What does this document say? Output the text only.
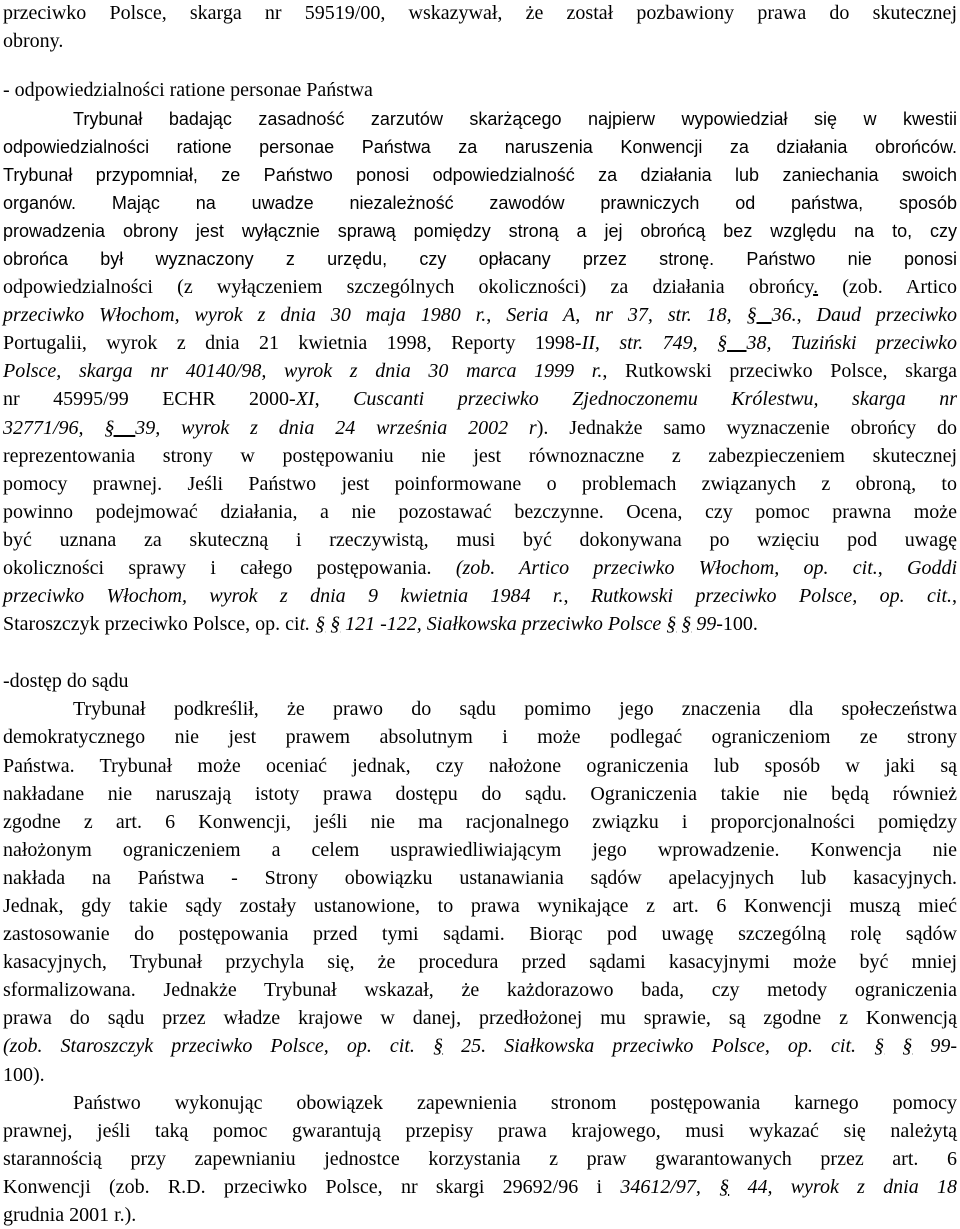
przeciwko Polsce, skarga nr 59519/00, wskazywał, że został pozbawiony prawa do skutecznej
obrony.
- odpowiedzialności ratione personae Państwa
Trybunał badając zasadność zarzutów skarżącego najpierw wypowiedział się w kwestii
odpowiedzialności ratione personae Państwa za naruszenia Konwencji za działania obrońców.
Trybunał przypomniał, ze Państwo ponosi odpowiedzialność za działania lub zaniechania swoich
organów. Mając na uwadze niezależność zawodów prawniczych od państwa, sposób
prowadzenia obrony jest wyłącznie sprawą pomiędzy stroną a jej obrońcą bez względu na to, czy
obrońca był wyznaczony z urzędu, czy opłacany przez stronę. Państwo nie ponosi
odpowiedzialności (z wyłączeniem szczególnych okoliczności) za działania obrońcy. (zob. Artico
przeciwko Włochom, wyrok z dnia 30 maja 1980 r., Seria A, nr 37, str. 18, § 36., Daud przeciwko
Portugalii, wyrok z dnia 21 kwietnia 1998, Reporty 1998-II, str. 749, § 38, Tuziński przeciwko
Polsce, skarga nr 40140/98, wyrok z dnia 30 marca 1999 r., Rutkowski przeciwko Polsce, skarga
nr 45995/99 ECHR 2000-XI, Cuscanti przeciwko Zjednoczonemu Królestwu, skarga nr
32771/96, § 39, wyrok z dnia 24 września 2002 r). Jednakże samo wyznaczenie obrońcy do
reprezentowania strony w postępowaniu nie jest równoznaczne z zabezpieczeniem skutecznej
pomocy prawnej. Jeśli Państwo jest poinformowane o problemach związanych z obroną, to
powinno podejmować działania, a nie pozostawać bezczynne. Ocena, czy pomoc prawna może
być uznana za skuteczną i rzeczywistą, musi być dokonywana po wzięciu pod uwagę
okoliczności sprawy i całego postępowania. (zob. Artico przeciwko Włochom, op. cit., Goddi
przeciwko Włochom, wyrok z dnia 9 kwietnia 1984 r., Rutkowski przeciwko Polsce, op. cit.,
Staroszczyk przeciwko Polsce, op. cit. § § 121 -122, Siałkowska przeciwko Polsce § § 99-100.
-dostęp do sądu
Trybunał podkreślił, że prawo do sądu pomimo jego znaczenia dla społeczeństwa
demokratycznego nie jest prawem absolutnym i może podlegać ograniczeniom ze strony
Państwa. Trybunał może oceniać jednak, czy nałożone ograniczenia lub sposób w jaki są
nakładane nie naruszają istoty prawa dostępu do sądu. Ograniczenia takie nie będą również
zgodne z art. 6 Konwencji, jeśli nie ma racjonalnego związku i proporcjonalności pomiędzy
nałożonym ograniczeniem a celem usprawiedliwiającym jego wprowadzenie. Konwencja nie
nakłada na Państwa - Strony obowiązku ustanawiania sądów apelacyjnych lub kasacyjnych.
Jednak, gdy takie sądy zostały ustanowione, to prawa wynikające z art. 6 Konwencji muszą mieć
zastosowanie do postępowania przed tymi sądami. Biorąc pod uwagę szczególną rolę sądów
kasacyjnych, Trybunał przychyla się, że procedura przed sądami kasacyjnymi może być mniej
sformalizowana. Jednakże Trybunał wskazał, że każdorazowo bada, czy metody ograniczenia
prawa do sądu przez władze krajowe w danej, przedłożonej mu sprawie, są zgodne z Konwencją
(zob. Staroszczyk przeciwko Polsce, op. cit. § 25. Siałkowska przeciwko Polsce, op. cit. § § 99-
100).
Państwo wykonując obowiązek zapewnienia stronom postępowania karnego pomocy
prawnej, jeśli taką pomoc gwarantują przepisy prawa krajowego, musi wykazać się należytą
starannością przy zapewnianiu jednostce korzystania z praw gwarantowanych przez art. 6
Konwencji (zob. R.D. przeciwko Polsce, nr skargi 29692/96 i 34612/97, § 44, wyrok z dnia 18
grudnia 2001 r.).
